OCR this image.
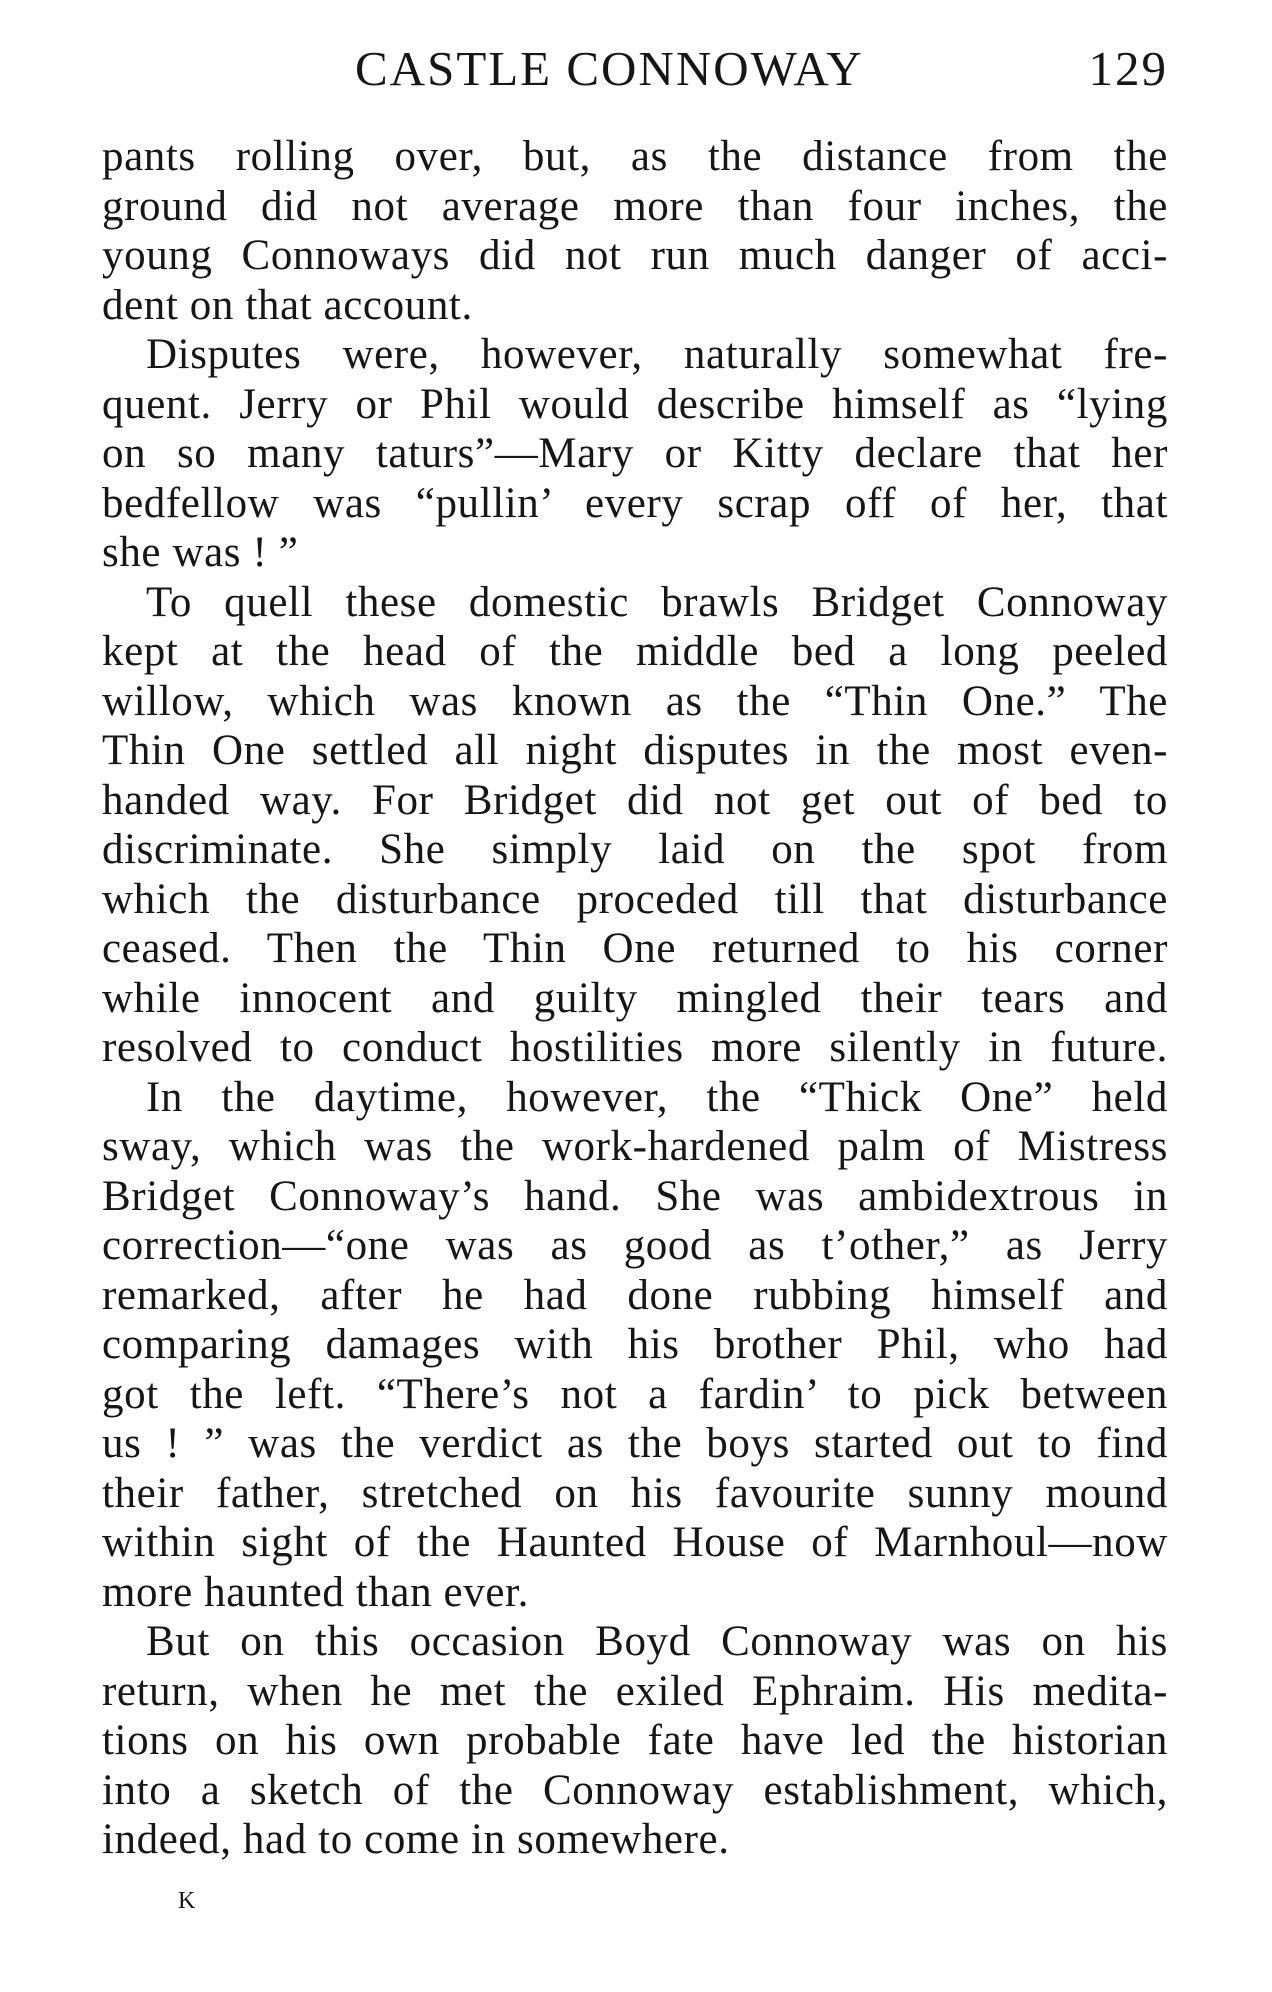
CASTLE CONNOWAY	129
pants rolling over, but, as the distance from the
ground did not average more than four inches, the
young Connoways did not run much danger of acci-
dent on that account.
Disputes were, however, naturally somewhat fre-
quent. Jerry or Phil would describe himself as “lying
on so many taturs”—Mary or Kitty declare that her
bedfellow was “pullin’ every scrap off of her, that
she was ! ”
To quell these domestic brawls Bridget Connoway
kept at the head of the middle bed a long peeled
willow, which was known as the “Thin One.” The
Thin One settled all night disputes in the most even-
handed way. For Bridget did not get out of bed to
discriminate. She simply laid on the spot from
which the disturbance proceded till that disturbance
ceased. Then the Thin One returned to his corner
while innocent and guilty mingled their tears and
resolved to conduct hostilities more silently in future.
In the daytime, however, the “Thick One” held
sway, which was the work-hardened palm of Mistress
Bridget Connoway’s hand. She was ambidextrous in
correction—“one was as good as t’other,” as Jerry
remarked, after he had done rubbing himself and
comparing damages with his brother Phil, who had
got the left. “There’s not a fardin’ to pick between
us ! ” was the verdict as the boys started out to find
their father, stretched on his favourite sunny mound
within sight of the Haunted House of Marnhoul—now
more haunted than ever.
But on this occasion Boyd Connoway was on his
return, when he met the exiled Ephraim. His medita-
tions on his own probable fate have led the historian
into a sketch of the Connoway establishment, which,
indeed, had to come in somewhere.
K
